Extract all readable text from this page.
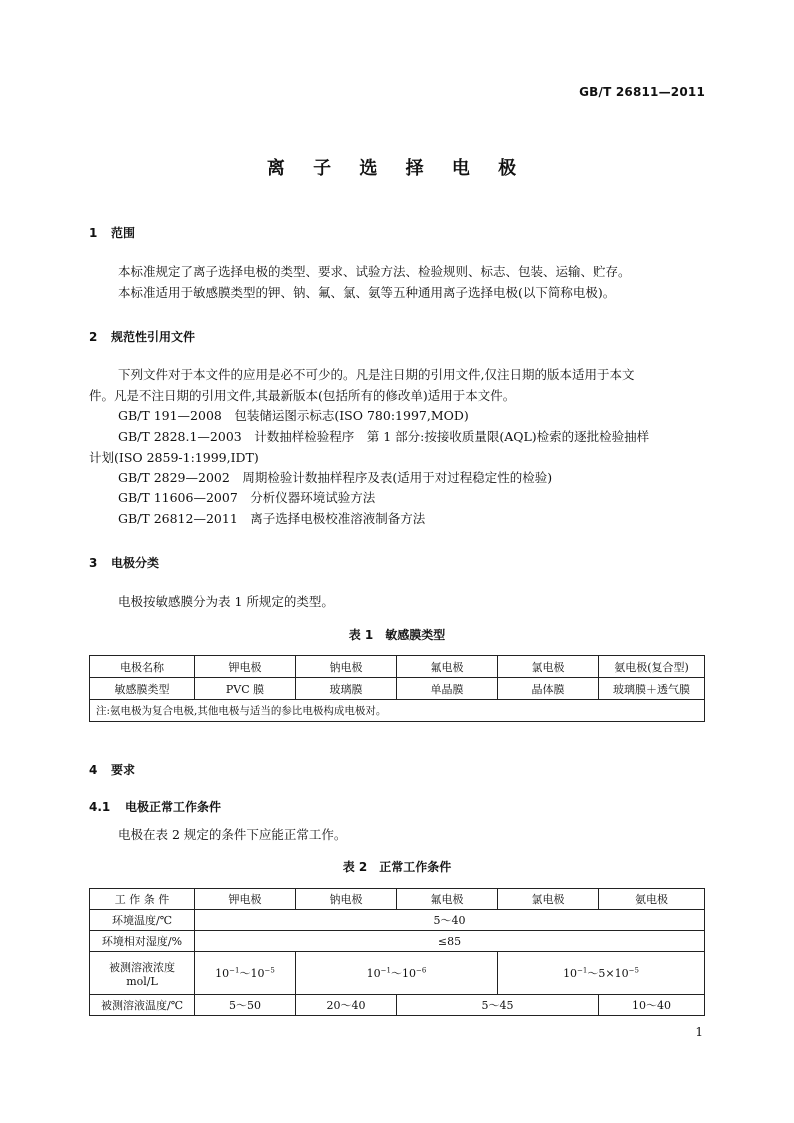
GB/T 26811—2011
离 子 选 择 电 极
1 范围
本标准规定了离子选择电极的类型、要求、试验方法、检验规则、标志、包装、运输、贮存。
本标准适用于敏感膜类型的钾、钠、氟、氯、氨等五种通用离子选择电极(以下简称电极)。
2 规范性引用文件
下列文件对于本文件的应用是必不可少的。凡是注日期的引用文件,仅注日期的版本适用于本文
件。凡是不注日期的引用文件,其最新版本(包括所有的修改单)适用于本文件。
GB/T 191—2008　包装储运图示标志(ISO 780:1997,MOD)
GB/T 2828.1—2003　计数抽样检验程序　第 1 部分:按接收质量限(AQL)检索的逐批检验抽样
计划(ISO 2859-1:1999,IDT)
GB/T 2829—2002　周期检验计数抽样程序及表(适用于对过程稳定性的检验)
GB/T 11606—2007　分析仪器环境试验方法
GB/T 26812—2011　离子选择电极校准溶液制备方法
3 电极分类
电极按敏感膜分为表 1 所规定的类型。
表 1　敏感膜类型
电极名称	钾电极	钠电极	氟电极	氯电极	氨电极(复合型)
敏感膜类型	PVC 膜	玻璃膜	单晶膜	晶体膜	玻璃膜＋透气膜
注:氨电极为复合电极,其他电极与适当的参比电极构成电极对。					
4 要求
4.1 电极正常工作条件
电极在表 2 规定的条件下应能正常工作。
表 2　正常工作条件
工 作 条 件	钾电极	钠电极	氟电极	氯电极	氨电极
环境温度/℃	5～40				
环境相对湿度/%	≤85				

被测溶液浓度
mol/L	$10^{-1}\sim 10^{-5}$	$10^{-1}\sim 10^{-6}$		$10^{-1}\sim 5\times 10^{-5}$
被测溶液温度/℃	5～50	20～40	5～45		10～40
1
